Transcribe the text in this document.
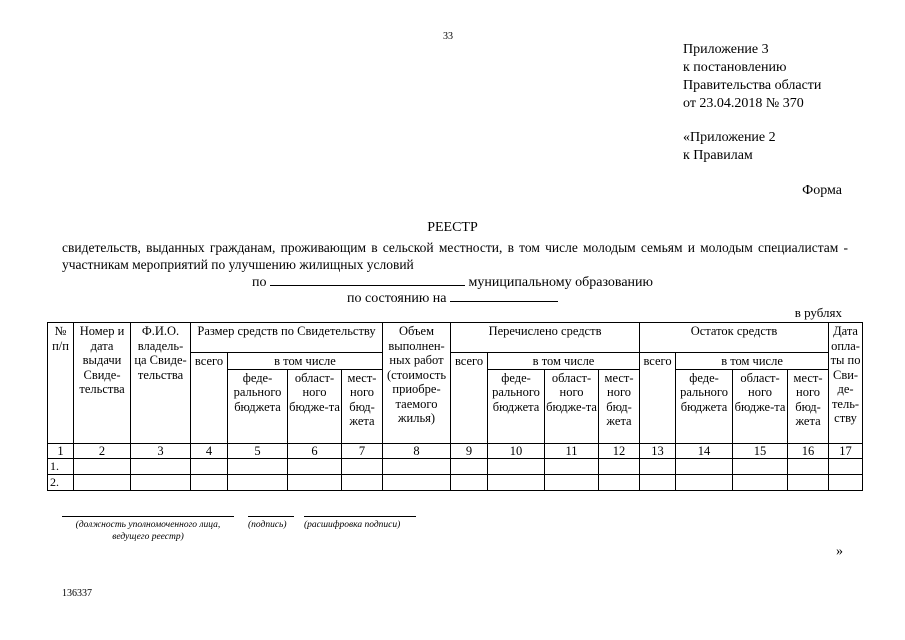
33
Приложение 3
к постановлению
Правительства области
от 23.04.2018 № 370
«Приложение 2
к Правилам
Форма
РЕЕСТР
свидетельств, выданных гражданам, проживающим в сельской местности, в том числе молодым семьям и молодым специалистам - участникам мероприятий по улучшению жилищных условий
по	муниципальному образованию
по состоянию на
в рублях
№ п/п	Номер и дата выдачи Свиде-тельства	Ф.И.О. владель-ца Свиде-тельства	Размер средств по Свидетельству				Объем выполнен-ных работ (стоимость приобре-таемого жилья)	Перечислено средств				Остаток средств				Дата опла-ты по Сви-де-тель-ству
			всего	в том числе				всего	в том числе			всего	в том числе			
				феде-рального бюджета	област-ного бюдже-та	мест-ного бюд-жета			феде-рального бюджета	област-ного бюдже-та	мест-ного бюд-жета		феде-рального бюджета	област-ного бюдже-та	мест-ного бюд-жета	
1	2	3	4	5	6	7	8	9	10	11	12	13	14	15	16	17
1.																
2.																
(должность уполномоченного лица, ведущего реестр)
(подпись)	(расшифровка подписи)
»
136337
